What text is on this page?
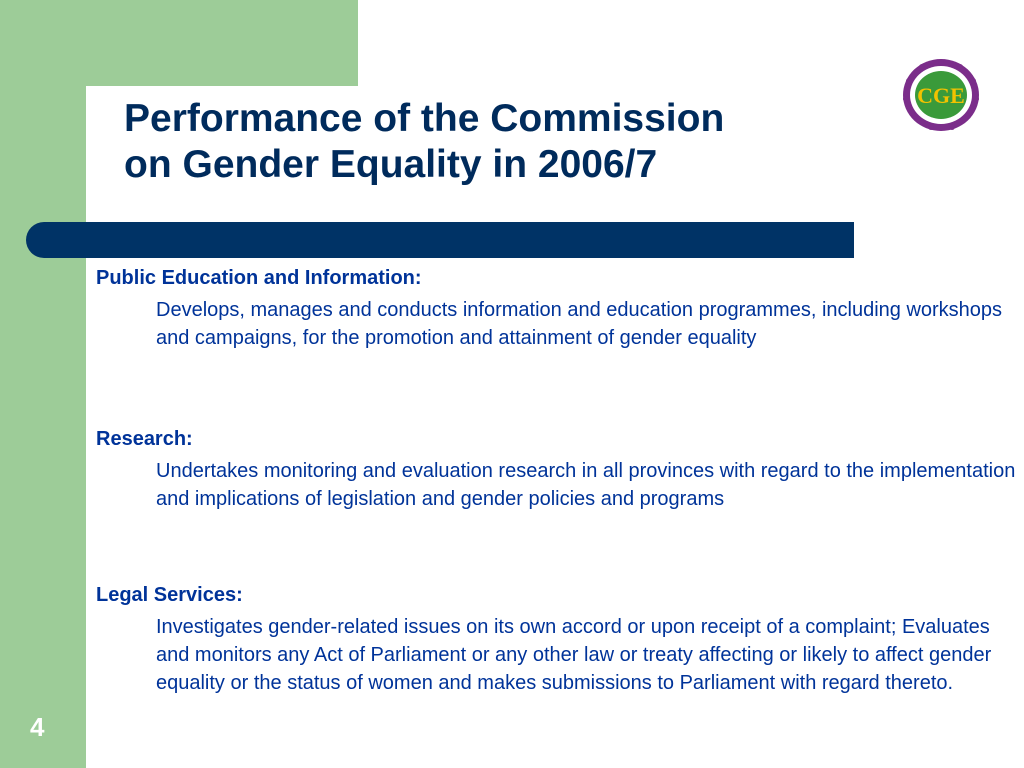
Performance of the Commission
on Gender Equality in 2006/7
CGE

Public Education and Information:

Develops, manages and conducts information and education programmes, including workshops and campaigns, for the promotion and attainment of gender equality

Research:

Undertakes monitoring and evaluation research in all provinces with regard to the implementation and implications of legislation and gender policies and programs

Legal Services:

Investigates gender-related issues on its own accord or upon receipt of a complaint; Evaluates and monitors any Act of Parliament or any other law or treaty affecting or likely to affect gender equality or the status of women and makes submissions to Parliament with regard thereto.

4
